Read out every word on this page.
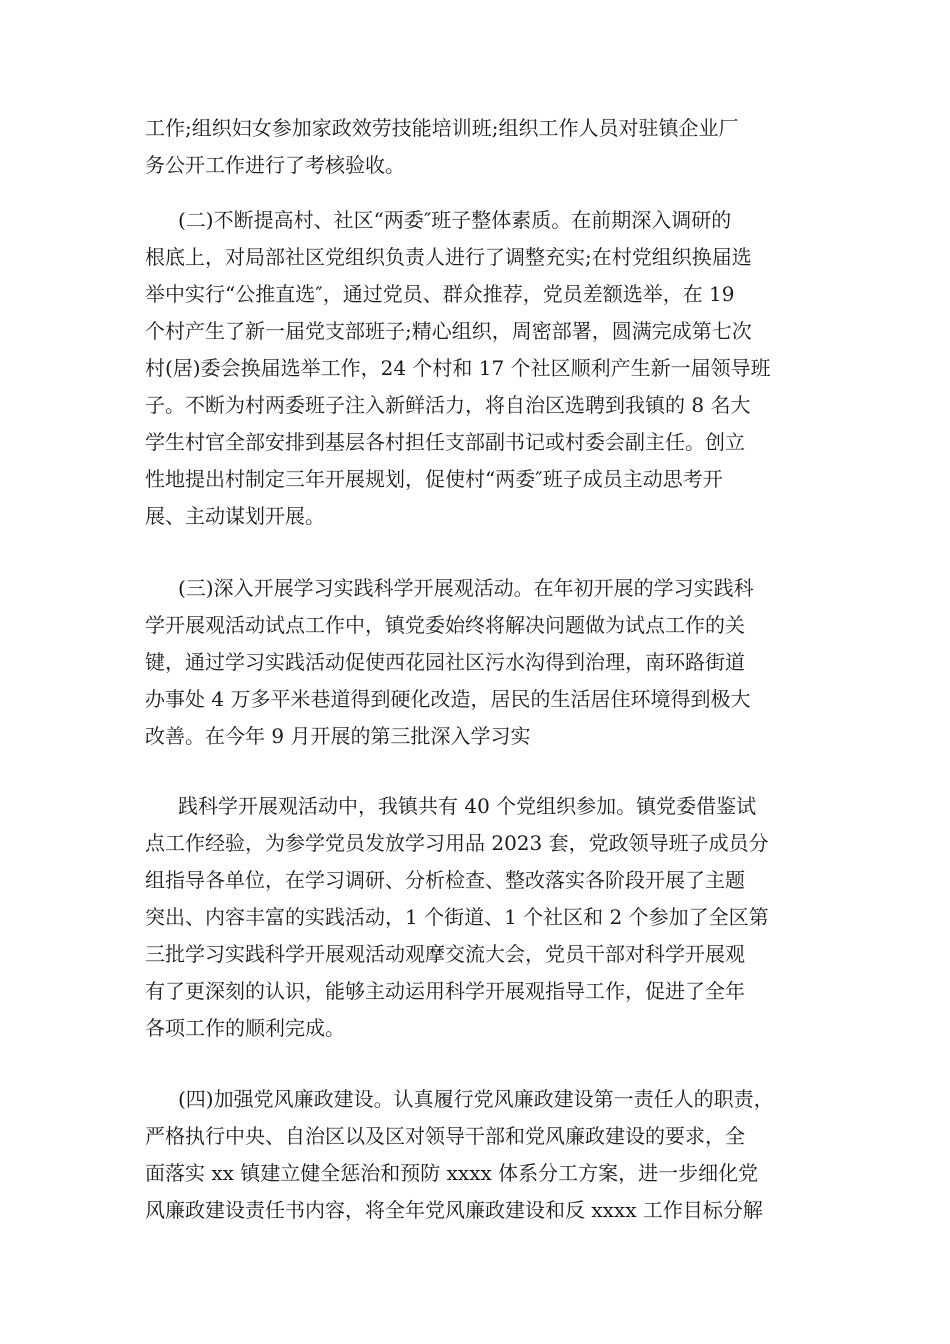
工作;组织妇女参加家政效劳技能培训班;组织工作人员对驻镇企业厂
务公开工作进行了考核验收。
(二)不断提高村、社区“两委″班子整体素质。在前期深入调研的
根底上，对局部社区党组织负责人进行了调整充实;在村党组织换届选
举中实行“公推直选″，通过党员、群众推荐，党员差额选举，在 19
个村产生了新一届党支部班子;精心组织，周密部署，圆满完成第七次
村(居)委会换届选举工作，24 个村和 17 个社区顺利产生新一届领导班
子。不断为村两委班子注入新鲜活力，将自治区选聘到我镇的 8 名大
学生村官全部安排到基层各村担任支部副书记或村委会副主任。创立
性地提出村制定三年开展规划，促使村“两委″班子成员主动思考开
展、主动谋划开展。
(三)深入开展学习实践科学开展观活动。在年初开展的学习实践科
学开展观活动试点工作中，镇党委始终将解决问题做为试点工作的关
键，通过学习实践活动促使西花园社区污水沟得到治理，南环路街道
办事处 4 万多平米巷道得到硬化改造，居民的生活居住环境得到极大
改善。在今年 9 月开展的第三批深入学习实
践科学开展观活动中，我镇共有 40 个党组织参加。镇党委借鉴试
点工作经验，为参学党员发放学习用品 2023 套，党政领导班子成员分
组指导各单位，在学习调研、分析检查、整改落实各阶段开展了主题
突出、内容丰富的实践活动，1 个街道、1 个社区和 2 个参加了全区第
三批学习实践科学开展观活动观摩交流大会，党员干部对科学开展观
有了更深刻的认识，能够主动运用科学开展观指导工作，促进了全年
各项工作的顺利完成。
(四)加强党风廉政建设。认真履行党风廉政建设第一责任人的职责，
严格执行中央、自治区以及区对领导干部和党风廉政建设的要求，全
面落实 xx 镇建立健全惩治和预防 xxxx 体系分工方案，进一步细化党
风廉政建设责任书内容，将全年党风廉政建设和反 xxxx 工作目标分解
